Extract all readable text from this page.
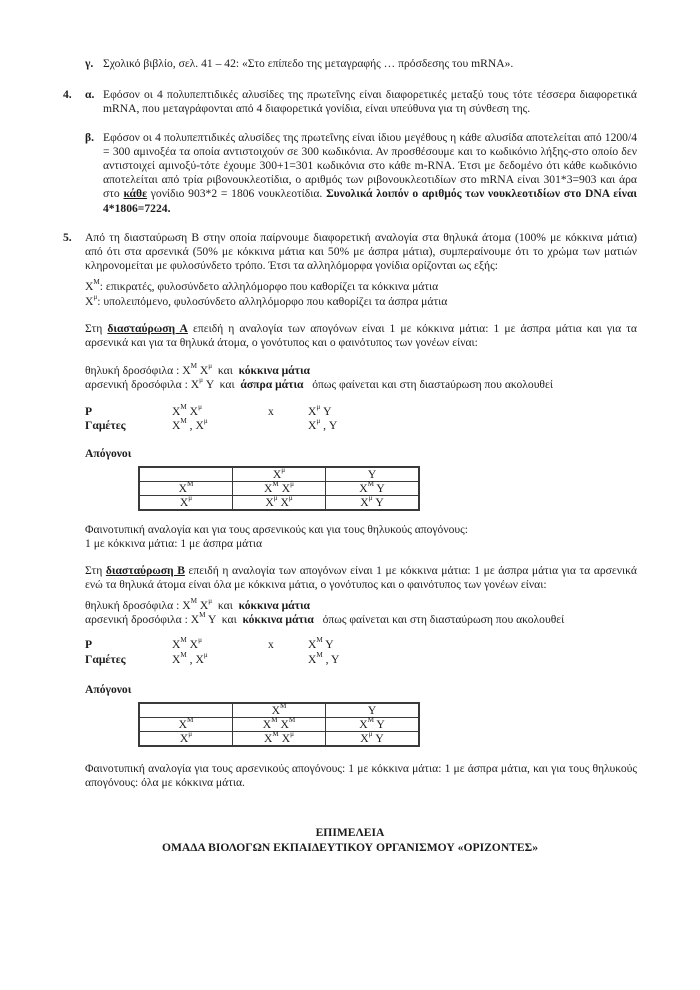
γ. Σχολικό βιβλίο, σελ. 41 – 42: «Στο επίπεδο της μεταγραφής … πρόσδεσης του mRNA».
4.	α. Εφόσον οι 4 πολυπεπτιδικές αλυσίδες της πρωτεΐνης είναι διαφορετικές μεταξύ τους τότε τέσσερα διαφορετικά mRNA, που μεταγράφονται από 4 διαφορετικά γονίδια, είναι υπεύθυνα για τη σύνθεση της.
β. Εφόσον οι 4 πολυπεπτιδικές αλυσίδες της πρωτεΐνης είναι ίδιου μεγέθους η κάθε αλυσίδα αποτελείται από 1200/4 = 300 αμινοξέα τα οποία αντιστοιχούν σε 300 κωδικόνια. Αν προσθέσουμε και το κωδικόνιο λήξης-στο οποίο δεν αντιστοιχεί αμινοξύ-τότε έχουμε 300+1=301 κωδικόνια στο κάθε m-RNA. Έτσι με δεδομένο ότι κάθε κωδικόνιο αποτελείται από τρία ριβονουκλεοτίδια, ο αριθμός των ριβονουκλεοτιδίων στο mRNA είναι 301*3=903 και άρα στο κάθε γονίδιο 903*2 = 1806 νουκλεοτίδια. Συνολικά λοιπόν ο αριθμός των νουκλεοτιδίων στο DNA είναι 4*1806=7224.
5.	Από τη διασταύρωση Β στην οποία παίρνουμε διαφορετική αναλογία στα θηλυκά άτομα (100% με κόκκινα μάτια) από ότι στα αρσενικά (50% με κόκκινα μάτια και 50% με άσπρα μάτια), συμπεραίνουμε ότι το χρώμα των ματιών κληρονομείται με φυλοσύνδετο τρόπο. Έτσι τα αλληλόμορφα γονίδια ορίζονται ως εξής:
$X^M$: επικρατές, φυλοσύνδετο αλληλόμορφο που καθορίζει τα κόκκινα μάτια
$X^\mu$: υπολειπόμενο, φυλοσύνδετο αλληλόμορφο που καθορίζει τα άσπρα μάτια
Στη διασταύρωση Α επειδή η αναλογία των απογόνων είναι 1 με κόκκινα μάτια: 1 με άσπρα μάτια και για τα αρσενικά και για τα θηλυκά άτομα, ο γονότυπος και ο φαινότυπος των γονέων είναι:
θηλυκή δροσόφιλα : $X^M$ $X^\mu$  και  κόκκινα μάτια
αρσενική δροσόφιλα : $X^\mu$ Y  και  άσπρα μάτια   όπως φαίνεται και στη διαστaύρωση που ακολουθεί
P	$X^M$ $X^\mu$	x	$X^\mu$ Y
Γαμέτες	$X^M$ , $X^\mu$	$X^\mu$ , Y
Απόγονοι
	$X^\mu$	Y
$X^M$	$X^M$ $X^\mu$	$X^M$ Y
$X^\mu$	$X^\mu$ $X^\mu$	$X^\mu$ Y
Φαινοτυπική αναλογία και για τους αρσενικούς και για τους θηλυκούς απογόνους:
1 με κόκκινα μάτια: 1 με άσπρα μάτια
Στη διασταύρωση Β επειδή η αναλογία των απογόνων είναι 1 με κόκκινα μάτια: 1 με άσπρα μάτια για τα αρσενικά ενώ τα θηλυκά άτομα είναι όλα με κόκκινα μάτια, ο γονότυπος και ο φαινότυπος των γονέων είναι:
θηλυκή δροσόφιλα : $X^M$ $X^\mu$  και  κόκκινα μάτια
αρσενική δροσόφιλα : $X^M$ Y  και  κόκκινα μάτια   όπως φαίνεται και στη διασταύρωση που ακολουθεί
P	$X^M$ $X^\mu$	x	$X^M$ Y
Γαμέτες	$X^M$ , $X^\mu$	$X^M$ , Y
Απόγονοι
	$X^M$	Y
$X^M$	$X^M$ $X^M$	$X^M$ Y
$X^\mu$	$X^M$ $X^\mu$	$X^\mu$ Y
Φαινοτυπική αναλογία για τους αρσενικούς απογόνους: 1 με κόκκινα μάτια: 1 με άσπρα μάτια, και για τους θηλυκούς απογόνους: όλα με κόκκινα μάτια.
ΕΠΙΜΕΛΕΙΑ
ΟΜΑΔΑ ΒΙΟΛΟΓΩΝ ΕΚΠΑΙΔΕΥΤΙΚΟΥ ΟΡΓΑΝΙΣΜΟΥ «ΟΡΙΖΟΝΤΕΣ»
